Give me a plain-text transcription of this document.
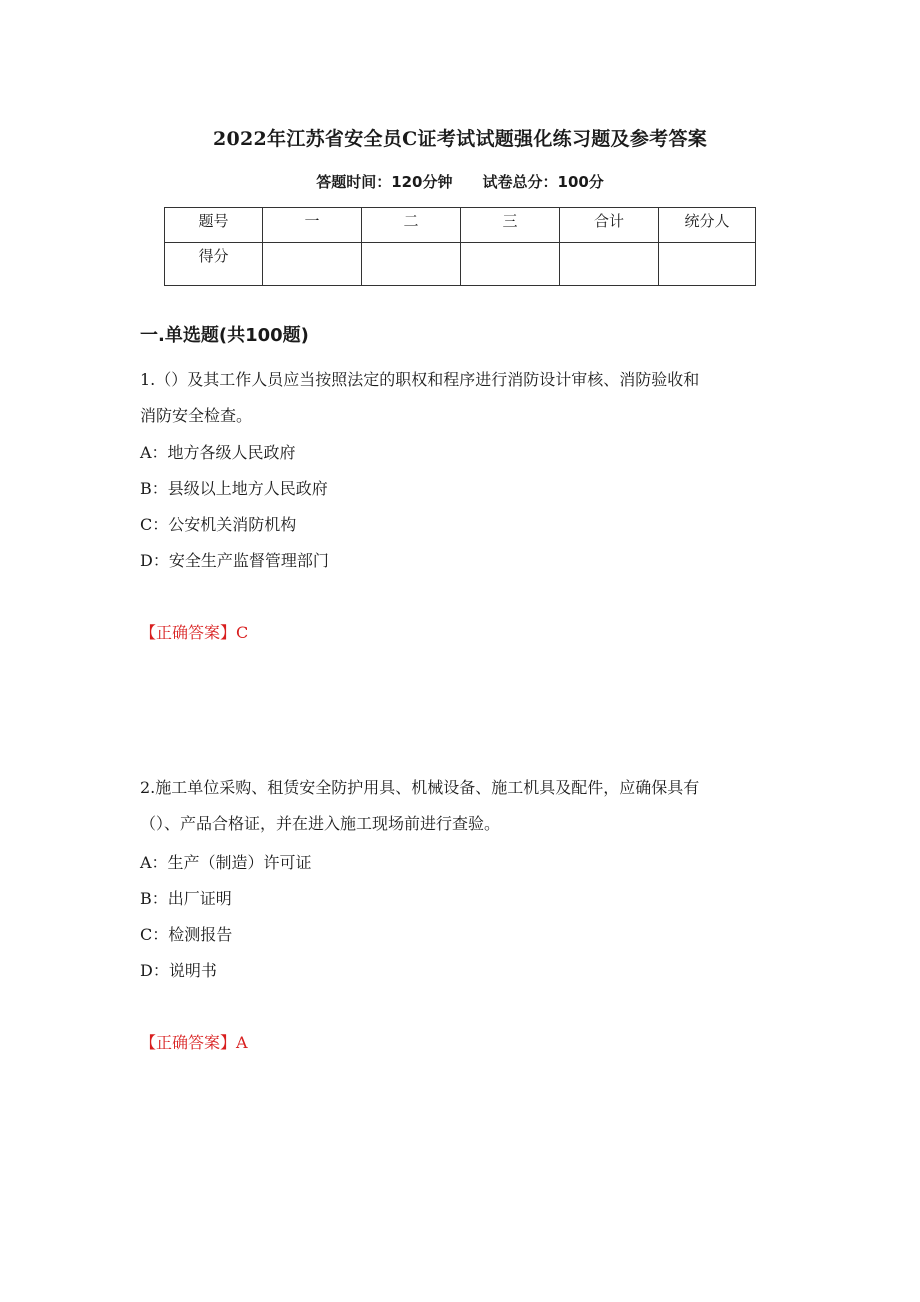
2022年江苏省安全员C证考试试题强化练习题及参考答案
答题时间：120分钟 试卷总分：100分
题号	一	二	三	合计	统分人
得分					
一.单选题(共100题)
1.（）及其工作人员应当按照法定的职权和程序进行消防设计审核、消防验收和
消防安全检查。
A：地方各级人民政府
B：县级以上地方人民政府
C：公安机关消防机构
D：安全生产监督管理部门
【正确答案】C
2.施工单位采购、租赁安全防护用具、机械设备、施工机具及配件，应确保具有
（）、产品合格证，并在进入施工现场前进行查验。
A：生产（制造）许可证
B：出厂证明
C：检测报告
D：说明书
【正确答案】A
